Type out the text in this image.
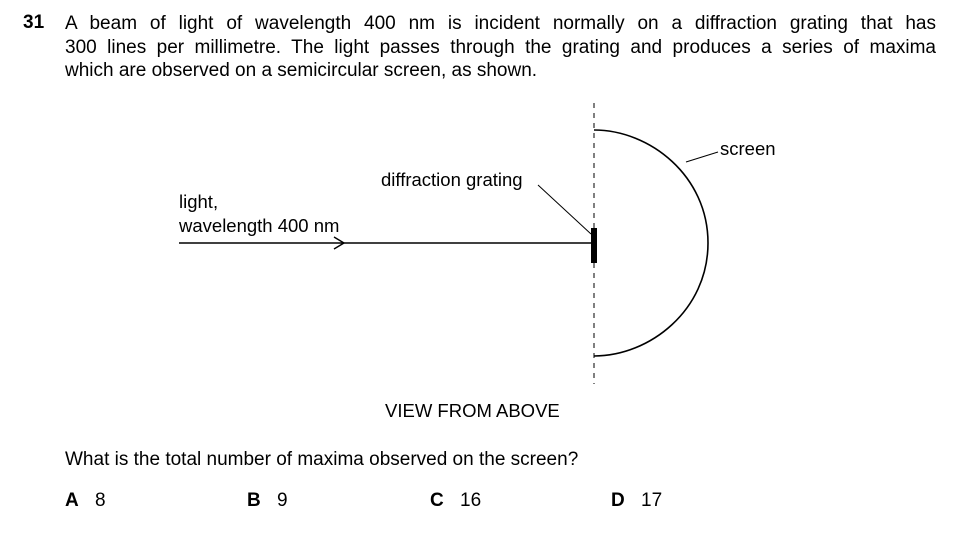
31 A beam of light of wavelength 400 nm is incident normally on a diffraction grating that has
300 lines per millimetre. The light passes through the grating and produces a series of maxima
which are observed on a semicircular screen, as shown.
light,
wavelength 400 nm
diffraction grating
screen
VIEW FROM ABOVE
What is the total number of maxima observed on the screen?
A 8	B 9	C 16	D 17
